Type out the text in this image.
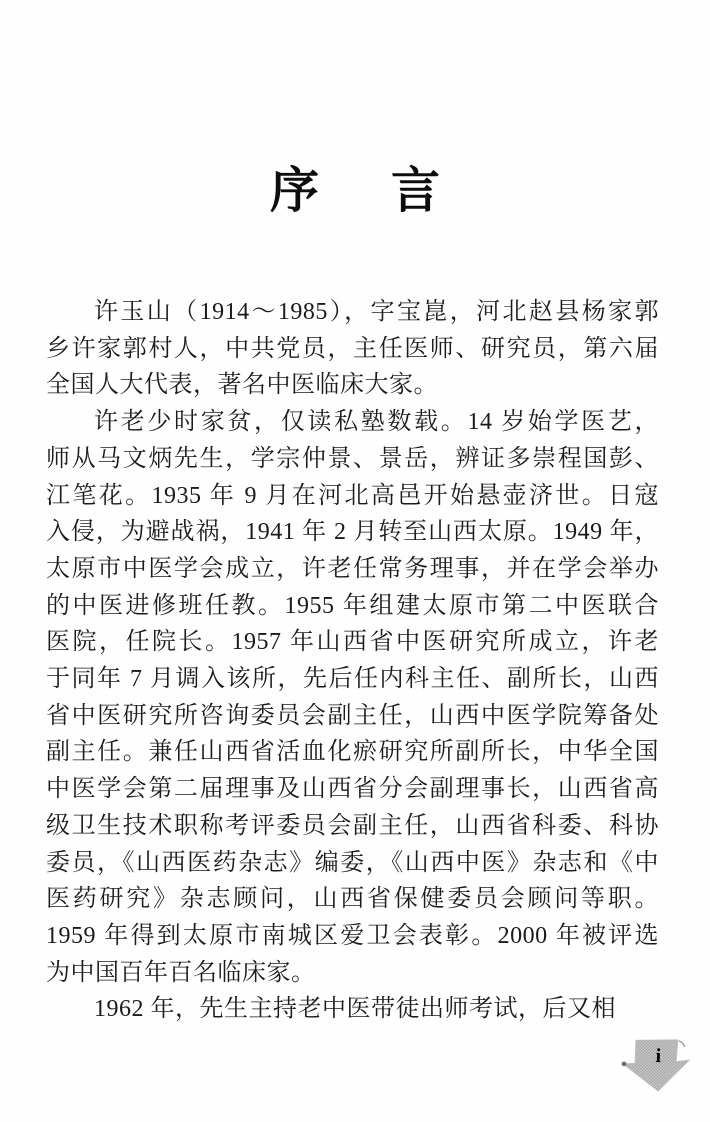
序 言
许玉山（1914～1985），字宝崑，河北赵县杨家郭
乡许家郭村人，中共党员，主任医师、研究员，第六届
全国人大代表，著名中医临床大家。
许老少时家贫，仅读私塾数载。14 岁始学医艺，
师从马文炳先生，学宗仲景、景岳，辨证多崇程国彭、
江笔花。1935 年 9 月在河北高邑开始悬壶济世。日寇
入侵，为避战祸，1941 年 2 月转至山西太原。1949 年，
太原市中医学会成立，许老任常务理事，并在学会举办
的中医进修班任教。1955 年组建太原市第二中医联合
医院，任院长。1957 年山西省中医研究所成立，许老
于同年 7 月调入该所，先后任内科主任、副所长，山西
省中医研究所咨询委员会副主任，山西中医学院筹备处
副主任。兼任山西省活血化瘀研究所副所长，中华全国
中医学会第二届理事及山西省分会副理事长，山西省高
级卫生技术职称考评委员会副主任，山西省科委、科协
委员，《山西医药杂志》编委，《山西中医》杂志和《中
医药研究》杂志顾问，山西省保健委员会顾问等职。
1959 年得到太原市南城区爱卫会表彰。2000 年被评选
为中国百年百名临床家。
1962 年，先生主持老中医带徒出师考试，后又相
i
